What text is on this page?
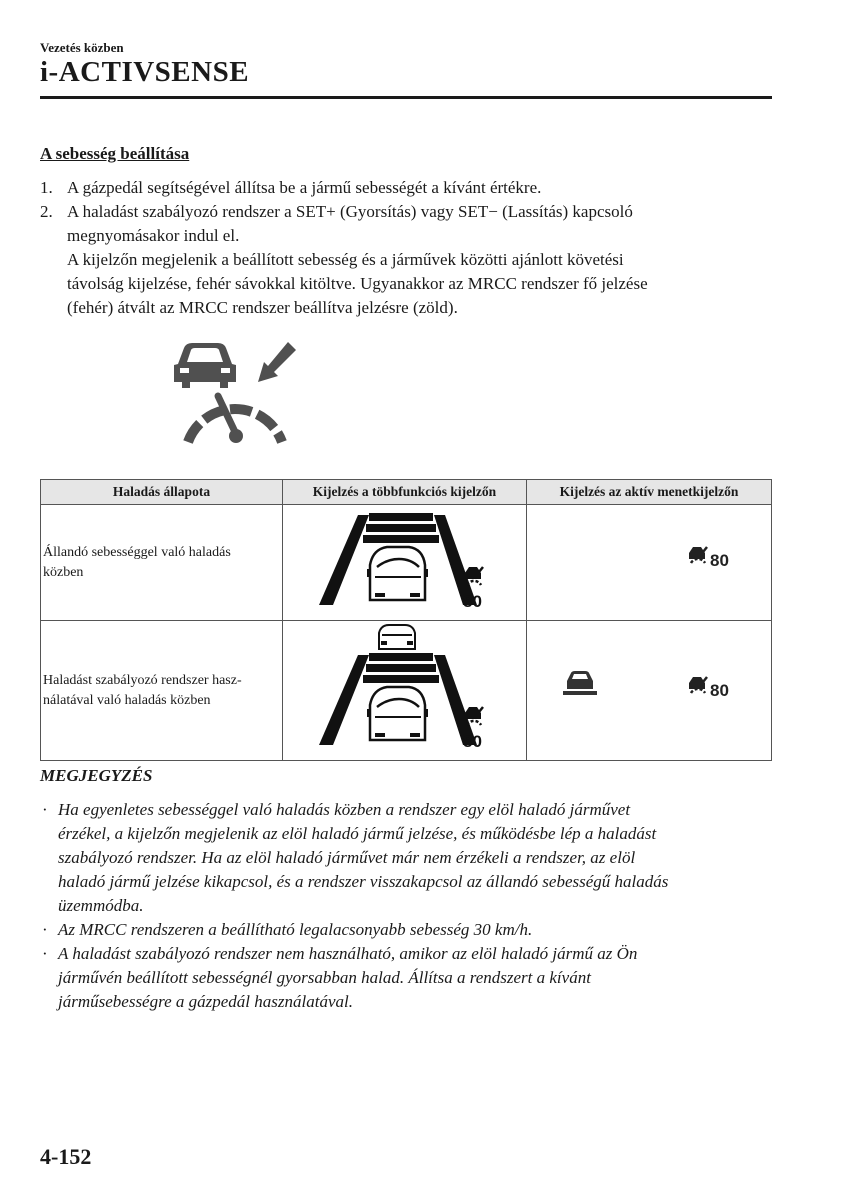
Vezetés közben
i-ACTIVSENSE
A sebesség beállítása
1. A gázpedál segítségével állítsa be a jármű sebességét a kívánt értékre.
2. A haladást szabályozó rendszer a SET+ (Gyorsítás) vagy SET− (Lassítás) kapcsoló
megnyomásakor indul el.
A kijelzőn megjelenik a beállított sebesség és a járművek közötti ajánlott követési
távolság kijelzése, fehér sávokkal kitöltve. Ugyanakkor az MRCC rendszer fő jelzése
(fehér) átvált az MRCC rendszer beállítva jelzésre (zöld).
Haladás állapota	Kijelzés a többfunkciós kijelzőn	Kijelzés az aktív menetkijelzőn

Állandó sebességgel való haladás
közben	80	80

Haladást szabályozó rendszer hasz-
nálatával való haladás közben	80	80
MEGJEGYZÉS
· Ha egyenletes sebességgel való haladás közben a rendszer egy elöl haladó járművet
érzékel, a kijelzőn megjelenik az elöl haladó jármű jelzése, és működésbe lép a haladást
szabályozó rendszer. Ha az elöl haladó járművet már nem érzékeli a rendszer, az elöl
haladó jármű jelzése kikapcsol, és a rendszer visszakapcsol az állandó sebességű haladás
üzemmódba.
· Az MRCC rendszeren a beállítható legalacsonyabb sebesség 30 km/h.
· A haladást szabályozó rendszer nem használható, amikor az elöl haladó jármű az Ön
járművén beállított sebességnél gyorsabban halad. Állítsa a rendszert a kívánt
járműsebességre a gázpedál használatával.
4-152
